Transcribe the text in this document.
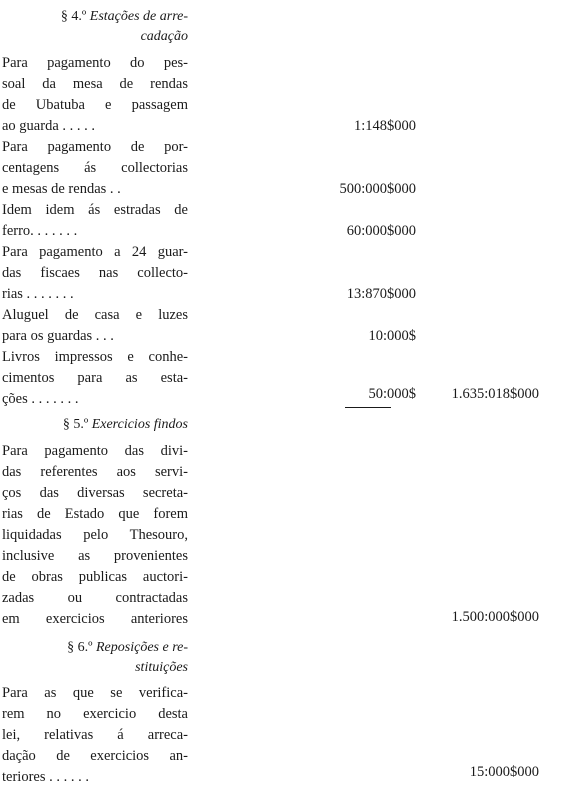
§ 4.º Estações de arre-
cadação
Para pagamento do pes-
soal da mesa de rendas
de Ubatuba e passagem
ao guarda . . . . .	1:148$000
Para pagamento de por-
centagens ás collectorias
e mesas de rendas . .	500:000$000
Idem idem ás estradas de
ferro. . . . . . .	60:000$000
Para pagamento a 24 guar-
das fiscaes nas collecto-
rias . . . . . . .	13:870$000
Aluguel de casa e luzes
para os guardas . . .	10:000$
Livros impressos e conhe-
cimentos para as esta-
ções . . . . . . .	50:000$ 1.635:018$000
§ 5.º Exercicios findos
Para pagamento das divi-
das referentes aos servi-
ços das diversas secreta-
rias de Estado que forem
liquidadas pelo Thesouro,
inclusive as provenientes
de obras publicas auctori-
zadas ou contractadas
em exercicios anteriores	1.500:000$000
§ 6.º Reposições e re-
stituições
Para as que se verifica-
rem no exercicio desta
lei, relativas á arreca-
dação de exercicios an-
teriores . . . . . .	15:000$000
